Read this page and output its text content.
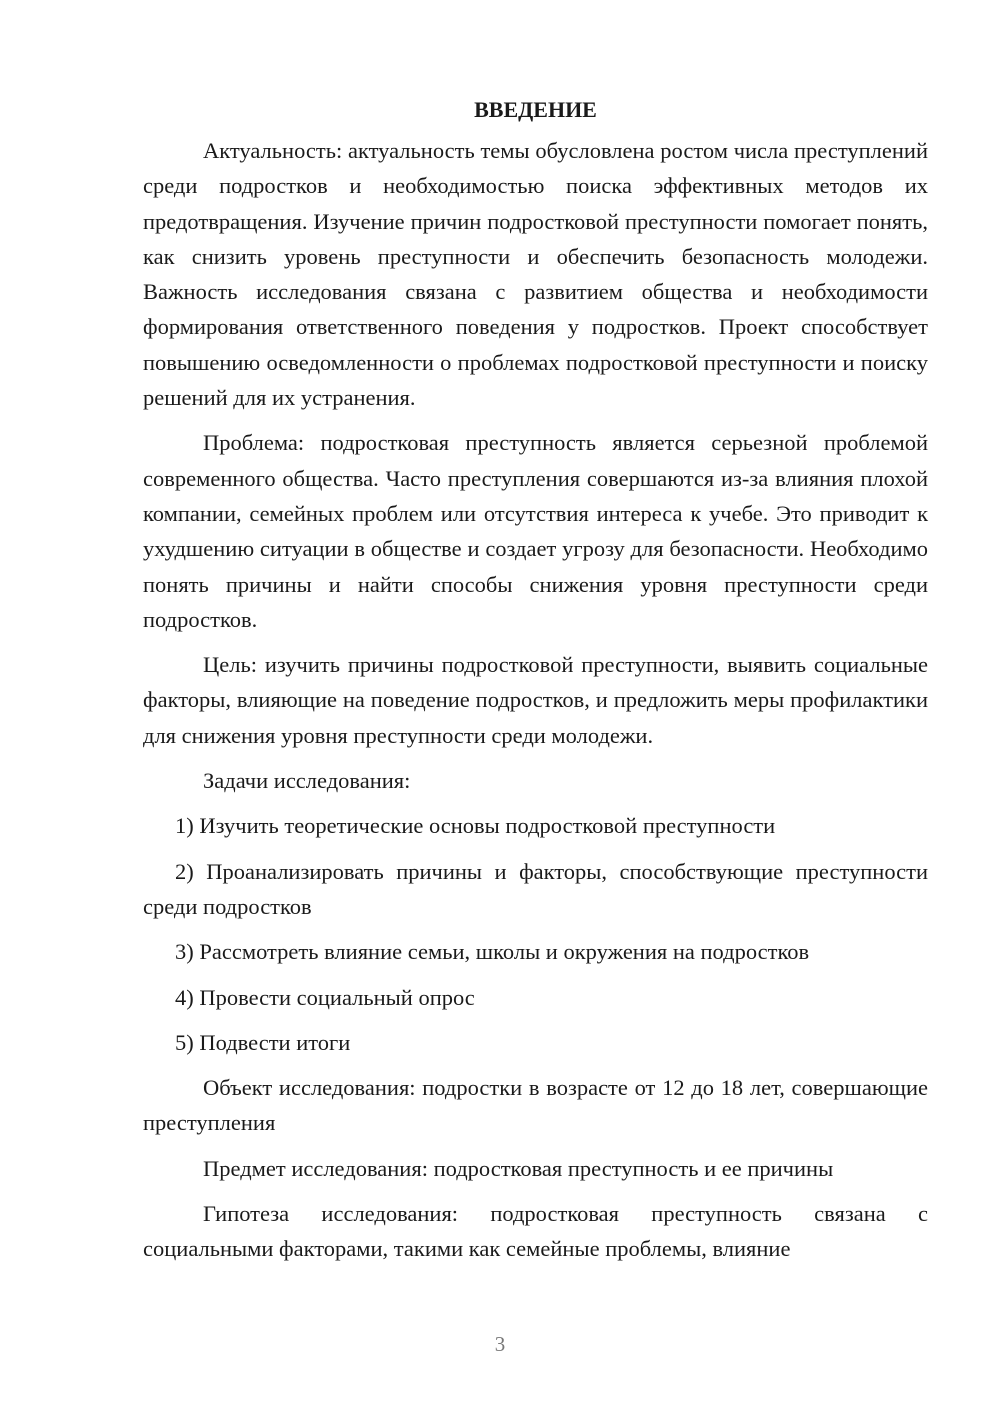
ВВЕДЕНИЕ

Актуальность: актуальность темы обусловлена ростом числа преступлений среди подростков и необходимостью поиска эффективных методов их предотвращения. Изучение причин подростковой преступности помогает понять, как снизить уровень преступности и обеспечить безопасность молодежи. Важность исследования связана с развитием общества и необходимости формирования ответственного поведения у подростков. Проект способствует повышению осведомленности о проблемах подростковой преступности и поиску решений для их устранения.

Проблема: подростковая преступность является серьезной проблемой современного общества. Часто преступления совершаются из-за влияния плохой компании, семейных проблем или отсутствия интереса к учебе. Это приводит к ухудшению ситуации в обществе и создает угрозу для безопасности. Необходимо понять причины и найти способы снижения уровня преступности среди подростков.

Цель: изучить причины подростковой преступности, выявить социальные факторы, влияющие на поведение подростков, и предложить меры профилактики для снижения уровня преступности среди молодежи.

Задачи исследования:

1) Изучить теоретические основы подростковой преступности

2) Проанализировать причины и факторы, способствующие преступности среди подростков

3) Рассмотреть влияние семьи, школы и окружения на подростков

4) Провести социальный опрос

5) Подвести итоги

Объект исследования: подростки в возрасте от 12 до 18 лет, совершающие преступления

Предмет исследования: подростковая преступность и ее причины

Гипотеза исследования: подростковая преступность связана с социальными факторами, такими как семейные проблемы, влияние

3
